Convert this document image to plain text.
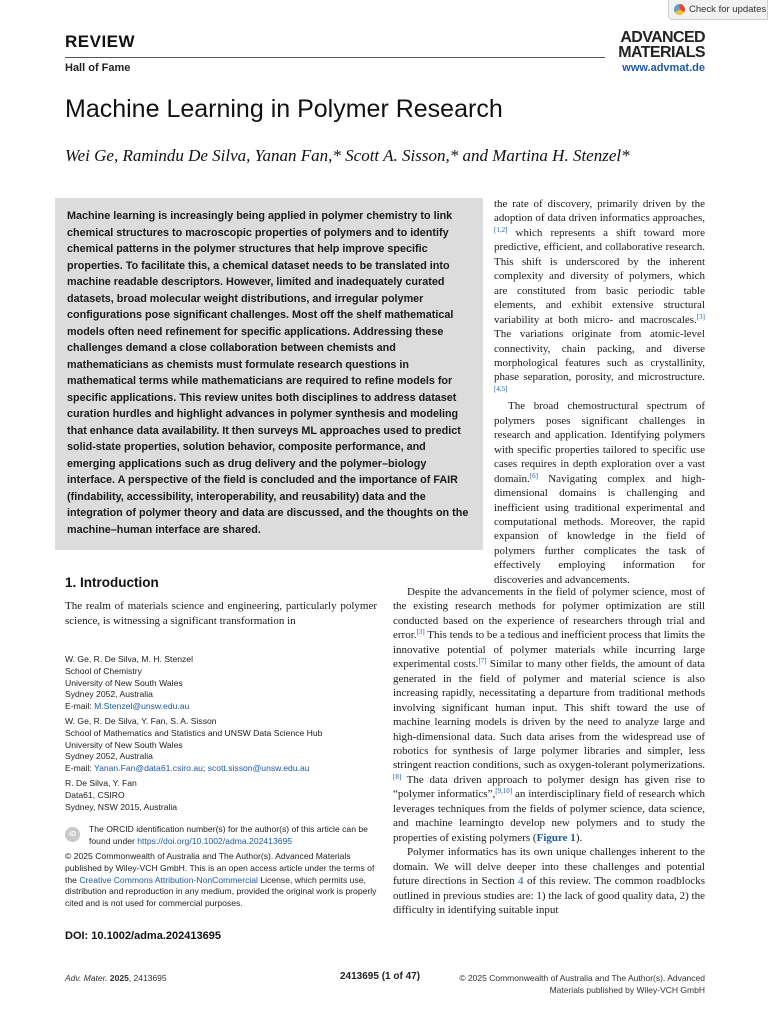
Check for updates
REVIEW
Hall of Fame
ADVANCED
MATERIALS
www.advmat.de
Machine Learning in Polymer Research
Wei Ge, Ramindu De Silva, Yanan Fan,* Scott A. Sisson,* and Martina H. Stenzel*
Machine learning is increasingly being applied in polymer chemistry to link chemical structures to macroscopic properties of polymers and to identify chemical patterns in the polymer structures that help improve specific properties. To facilitate this, a chemical dataset needs to be translated into machine readable descriptors. However, limited and inadequately curated datasets, broad molecular weight distributions, and irregular polymer configurations pose significant challenges. Most off the shelf mathematical models often need refinement for specific applications. Addressing these challenges demand a close collaboration between chemists and mathematicians as chemists must formulate research questions in mathematical terms while mathematicians are required to refine models for specific applications. This review unites both disciplines to address dataset curation hurdles and highlight advances in polymer synthesis and modeling that enhance data availability. It then surveys ML approaches used to predict solid-state properties, solution behavior, composite performance, and emerging applications such as drug delivery and the polymer–biology interface. A perspective of the field is concluded and the importance of FAIR (findability, accessibility, interoperability, and reusability) data and the integration of polymer theory and data are discussed, and the thoughts on the machine–human interface are shared.
1. Introduction
The realm of materials science and engineering, particularly polymer science, is witnessing a significant transformation in
W. Ge, R. De Silva, M. H. Stenzel
School of Chemistry
University of New South Wales
Sydney 2052, Australia
E-mail: M.Stenzel@unsw.edu.au
W. Ge, R. De Silva, Y. Fan, S. A. Sisson
School of Mathematics and Statistics and UNSW Data Science Hub
University of New South Wales
Sydney 2052, Australia
E-mail: Yanan.Fan@data61.csiro.au; scott.sisson@unsw.edu.au
R. De Silva, Y. Fan
Data61, CSIRO
Sydney, NSW 2015, Australia
iD
The ORCID identification number(s) for the author(s) of this article can be found under https://doi.org/10.1002/adma.202413695
© 2025 Commonwealth of Australia and The Author(s). Advanced Materials published by Wiley-VCH GmbH. This is an open access article under the terms of the Creative Commons Attribution-NonCommercial License, which permits use, distribution and reproduction in any medium, provided the original work is properly cited and is not used for commercial purposes.
DOI: 10.1002/adma.202413695

the rate of discovery, primarily driven by the adoption of data driven informatics approaches,[1,2] which represents a shift toward more predictive, efficient, and collaborative research. This shift is underscored by the inherent complexity and diversity of polymers, which are constituted from basic periodic table elements, and exhibit extensive structural variability at both micro- and macroscales.[3] The variations originate from atomic-level connectivity, chain packing, and diverse morphological features such as crystallinity, phase separation, porosity, and microstructure.[4,5]

The broad chemostructural spectrum of polymers poses significant challenges in research and application. Identifying polymers with specific properties tailored to specific use cases requires in depth exploration over a vast domain.[6] Navigating complex and high-dimensional domains is challenging and inefficient using traditional experimental and computational methods. Moreover, the rapid expansion of knowledge in the field of polymers further complicates the task of effectively employing information for discoveries and advancements.

Despite the advancements in the field of polymer science, most of the existing research methods for polymer optimization are still conducted based on the experience of researchers through trial and error.[3] This tends to be a tedious and inefficient process that limits the innovative potential of polymer materials while incurring large experimental costs.[7] Similar to many other fields, the amount of data generated in the field of polymer and material science is also increasing rapidly, necessitating a departure from traditional methods involving significant human input. This shift toward the use of machine learning models is driven by the need to analyze large and high-dimensional data. Such data arises from the widespread use of robotics for synthesis of large polymer libraries and simpler, less stringent reaction conditions, such as oxygen-tolerant polymerizations.[8] The data driven approach to polymer design has given rise to “polymer informatics”,[9,10] an interdisciplinary field of research which leverages techniques from the fields of polymer science, data science, and machine learningto develop new polymers and to study the properties of existing polymers (Figure 1).

Polymer informatics has its own unique challenges inherent to the domain. We will delve deeper into these challenges and potential future directions in Section 4 of this review. The common roadblocks outlined in previous studies are: 1) the lack of good quality data, 2) the difficulty in identifying suitable input

Adv. Mater. 2025, 2413695	2413695 (1 of 47)	© 2025 Commonwealth of Australia and The Author(s). Advanced
Materials published by Wiley-VCH GmbH
